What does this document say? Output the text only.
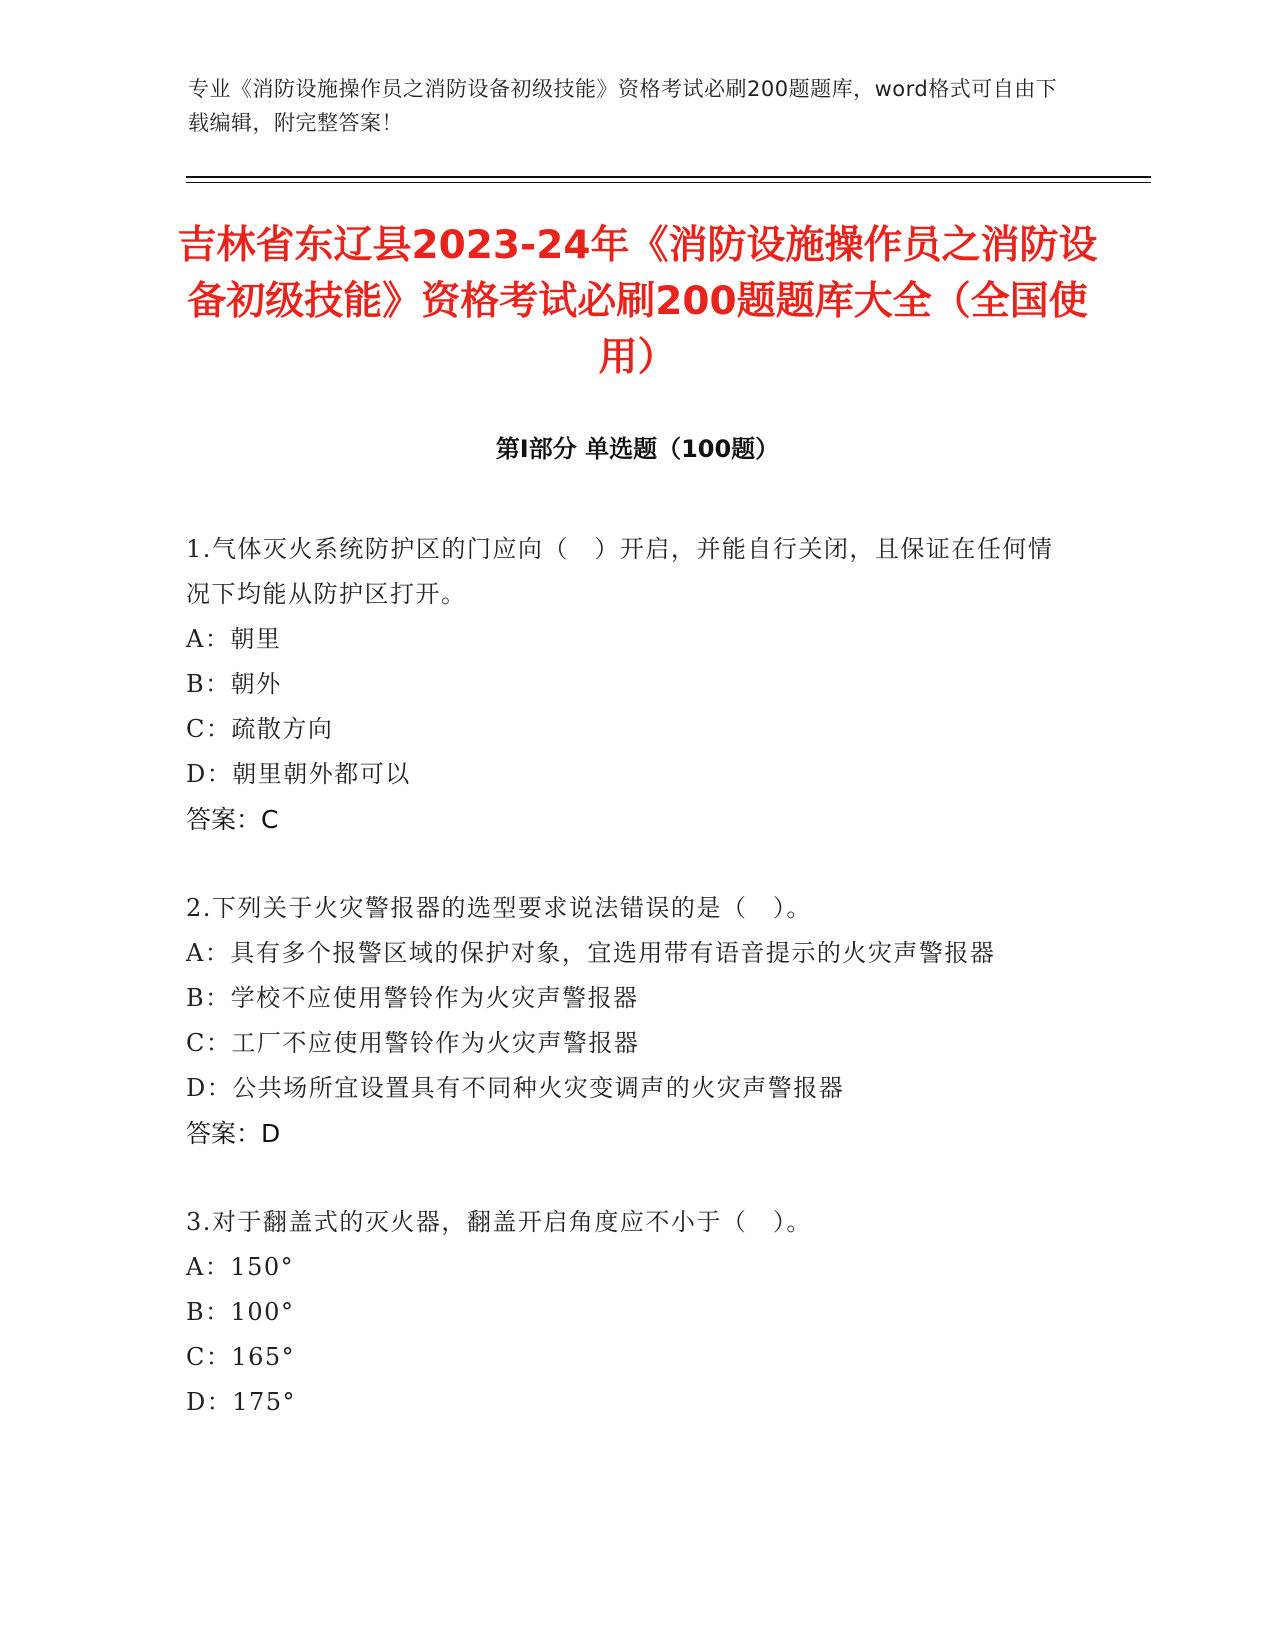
专业《消防设施操作员之消防设备初级技能》资格考试必刷200题题库，word格式可自由下载编辑，附完整答案！
吉林省东辽县2023-24年《消防设施操作员之消防设备初级技能》资格考试必刷200题题库大全（全国使用）
第Ⅰ部分 单选题（100题）

1.气体灭火系统防护区的门应向（　）开启，并能自行关闭，且保证在任何情况下均能从防护区打开。

A：朝里

B：朝外

C：疏散方向

D：朝里朝外都可以

答案：C

2.下列关于火灾警报器的选型要求说法错误的是（　）。

A：具有多个报警区域的保护对象，宜选用带有语音提示的火灾声警报器

B：学校不应使用警铃作为火灾声警报器

C：工厂不应使用警铃作为火灾声警报器

D：公共场所宜设置具有不同种火灾变调声的火灾声警报器

答案：D

3.对于翻盖式的灭火器，翻盖开启角度应不小于（　）。

A：150°

B：100°

C：165°

D：175°
